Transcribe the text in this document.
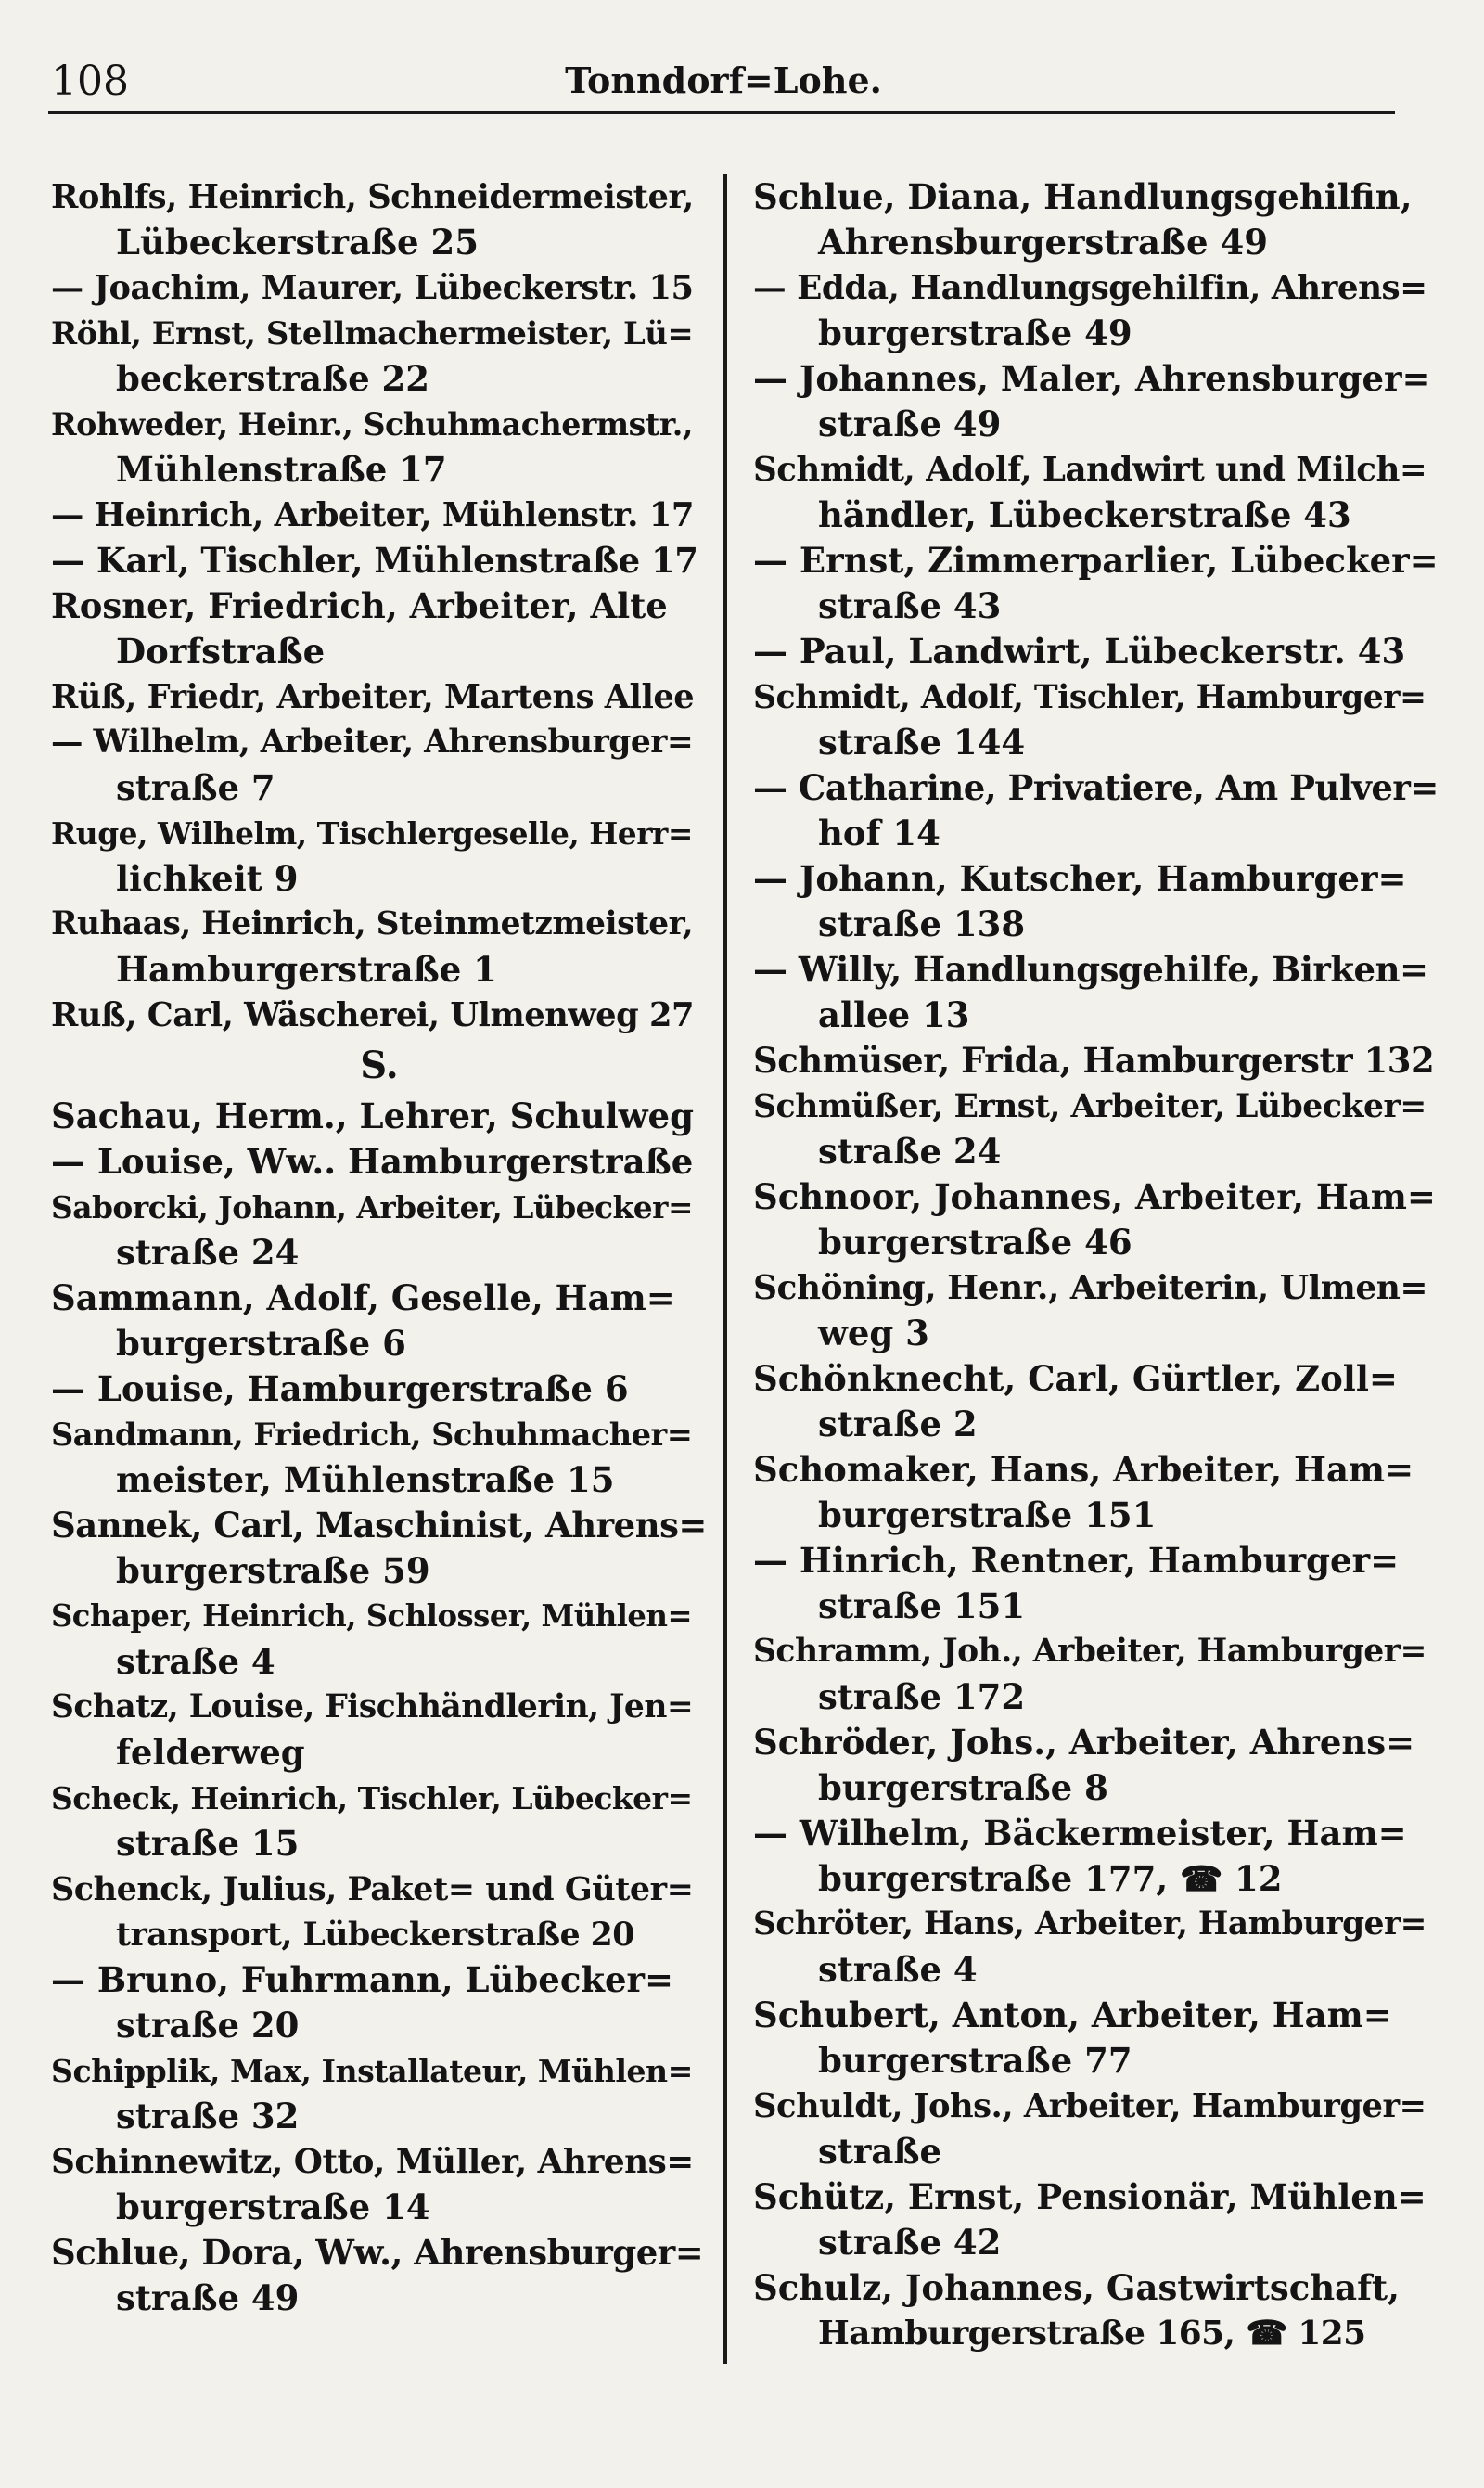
108	Tonndorf=Lohe.
Rohlfs, Heinrich, Schneidermeister,
Lübeckerstraße 25
— Joachim, Maurer, Lübeckerstr. 15
Röhl, Ernst, Stellmachermeister, Lü=
beckerstraße 22
Rohweder, Heinr., Schuhmachermstr.,
Mühlenstraße 17
— Heinrich, Arbeiter, Mühlenstr. 17
— Karl, Tischler, Mühlenstraße 17
Rosner, Friedrich, Arbeiter, Alte
Dorfstraße
Rüß, Friedr, Arbeiter, Martens Allee
— Wilhelm, Arbeiter, Ahrensburger=
straße 7
Ruge, Wilhelm, Tischlergeselle, Herr=
lichkeit 9
Ruhaas, Heinrich, Steinmetzmeister,
Hamburgerstraße 1
Ruß, Carl, Wäscherei, Ulmenweg 27
S.
Sachau, Herm., Lehrer, Schulweg
— Louise, Ww.. Hamburgerstraße
Saborcki, Johann, Arbeiter, Lübecker=
straße 24
Sammann, Adolf, Geselle, Ham=
burgerstraße 6
— Louise, Hamburgerstraße 6
Sandmann, Friedrich, Schuhmacher=
meister, Mühlenstraße 15
Sannek, Carl, Maschinist, Ahrens=
burgerstraße 59
Schaper, Heinrich, Schlosser, Mühlen=
straße 4
Schatz, Louise, Fischhändlerin, Jen=
felderweg
Scheck, Heinrich, Tischler, Lübecker=
straße 15
Schenck, Julius, Paket= und Güter=
transport, Lübeckerstraße 20
— Bruno, Fuhrmann, Lübecker=
straße 20
Schipplik, Max, Installateur, Mühlen=
straße 32
Schinnewitz, Otto, Müller, Ahrens=
burgerstraße 14
Schlue, Dora, Ww., Ahrensburger=
straße 49
Schlue, Diana, Handlungsgehilfin,
Ahrensburgerstraße 49
— Edda, Handlungsgehilfin, Ahrens=
burgerstraße 49
— Johannes, Maler, Ahrensburger=
straße 49
Schmidt, Adolf, Landwirt und Milch=
händler, Lübeckerstraße 43
— Ernst, Zimmerparlier, Lübecker=
straße 43
— Paul, Landwirt, Lübeckerstr. 43
Schmidt, Adolf, Tischler, Hamburger=
straße 144
— Catharine, Privatiere, Am Pulver=
hof 14
— Johann, Kutscher, Hamburger=
straße 138
— Willy, Handlungsgehilfe, Birken=
allee 13
Schmüser, Frida, Hamburgerstr 132
Schmüßer, Ernst, Arbeiter, Lübecker=
straße 24
Schnoor, Johannes, Arbeiter, Ham=
burgerstraße 46
Schöning, Henr., Arbeiterin, Ulmen=
weg 3
Schönknecht, Carl, Gürtler, Zoll=
straße 2
Schomaker, Hans, Arbeiter, Ham=
burgerstraße 151
— Hinrich, Rentner, Hamburger=
straße 151
Schramm, Joh., Arbeiter, Hamburger=
straße 172
Schröder, Johs., Arbeiter, Ahrens=
burgerstraße 8
— Wilhelm, Bäckermeister, Ham=
burgerstraße 177, ☎ 12
Schröter, Hans, Arbeiter, Hamburger=
straße 4
Schubert, Anton, Arbeiter, Ham=
burgerstraße 77
Schuldt, Johs., Arbeiter, Hamburger=
straße
Schütz, Ernst, Pensionär, Mühlen=
straße 42
Schulz, Johannes, Gastwirtschaft,
Hamburgerstraße 165, ☎ 125
